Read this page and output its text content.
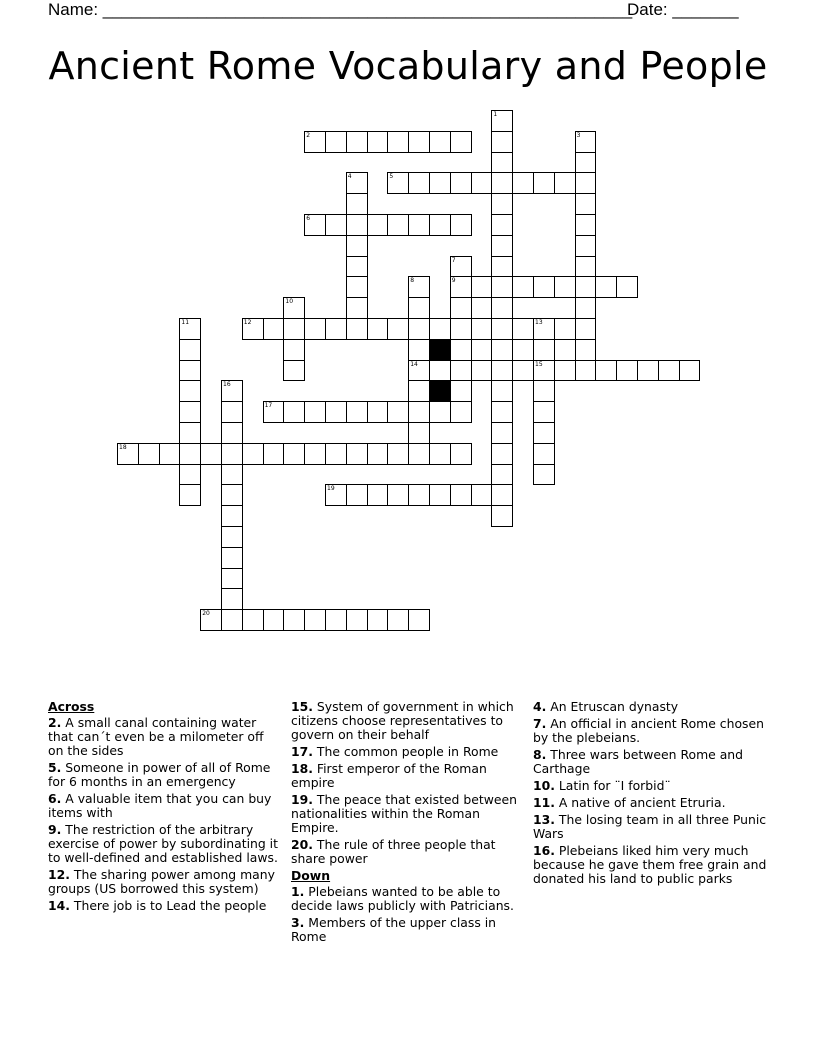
Name: ________________________________________________________
Date: _______
Ancient Rome Vocabulary and People
1
2	3
4	5
6
7
9
8
14
10
11	12	13
15
16
17
18
19
20
Across
2. A small canal containing water that can´t even be a milometer off on the sides
5. Someone in power of all of Rome for 6 months in an emergency
6. A valuable item that you can buy items with
9. The restriction of the arbitrary exercise of power by subordinating it to well-defined and established laws.
12. The sharing power among many groups (US borrowed this system)
14. There job is to Lead the people
15. System of government in which citizens choose representatives to govern on their behalf
17. The common people in Rome
18. First emperor of the Roman empire
19. The peace that existed between nationalities within the Roman Empire.
20. The rule of three people that share power
Down
1. Plebeians wanted to be able to decide laws publicly with Patricians.
3. Members of the upper class in Rome
4. An Etruscan dynasty
7. An official in ancient Rome chosen by the plebeians.
8. Three wars between Rome and Carthage
10. Latin for ¨I forbid¨
11. A native of ancient Etruria.
13. The losing team in all three Punic Wars
16. Plebeians liked him very much because he gave them free grain and donated his land to public parks
